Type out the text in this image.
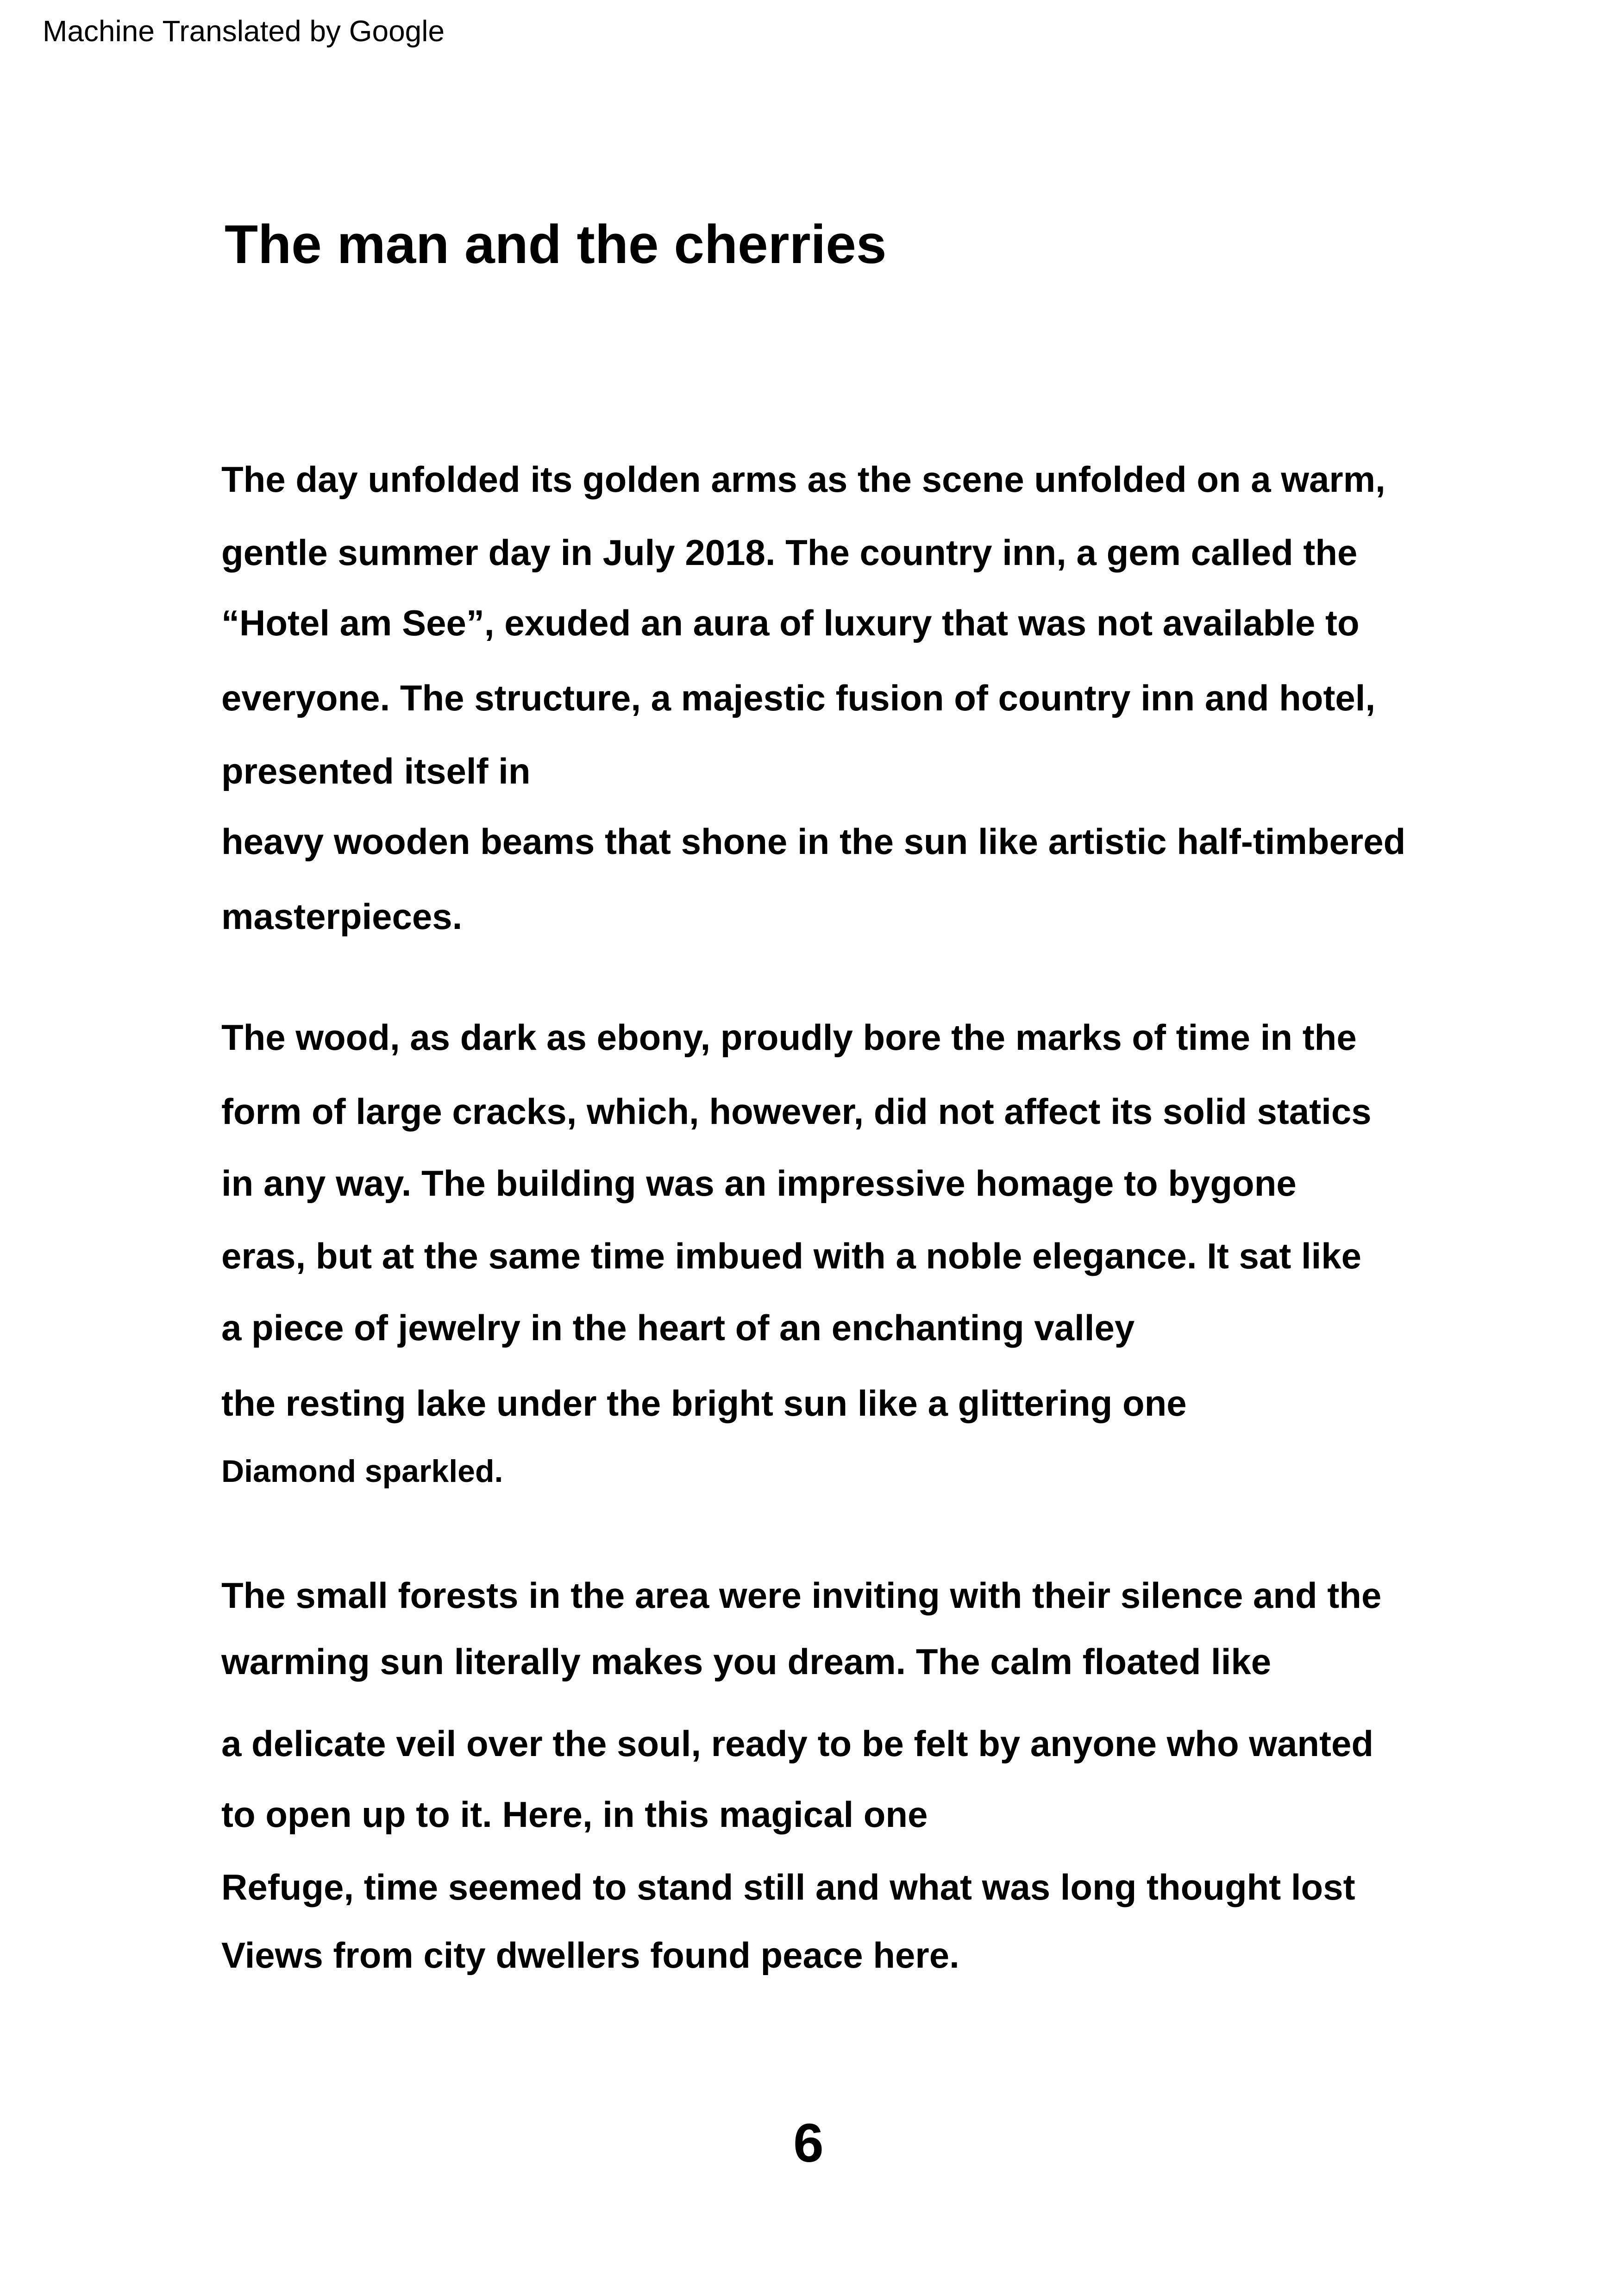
Machine Translated by Google
The man and the cherries
The day unfolded its golden arms as the scene unfolded on a warm,
gentle summer day in July 2018. The country inn, a gem called the
“Hotel am See”, exuded an aura of luxury that was not available to
everyone. The structure, a majestic fusion of country inn and hotel,
presented itself in
heavy wooden beams that shone in the sun like artistic half-timbered
masterpieces.
The wood, as dark as ebony, proudly bore the marks of time in the
form of large cracks, which, however, did not affect its solid statics
in any way. The building was an impressive homage to bygone
eras, but at the same time imbued with a noble elegance. It sat like
a piece of jewelry in the heart of an enchanting valley
the resting lake under the bright sun like a glittering one
Diamond sparkled.
The small forests in the area were inviting with their silence and the
warming sun literally makes you dream. The calm floated like
a delicate veil over the soul, ready to be felt by anyone who wanted
to open up to it. Here, in this magical one
Refuge, time seemed to stand still and what was long thought lost
Views from city dwellers found peace here.
6
